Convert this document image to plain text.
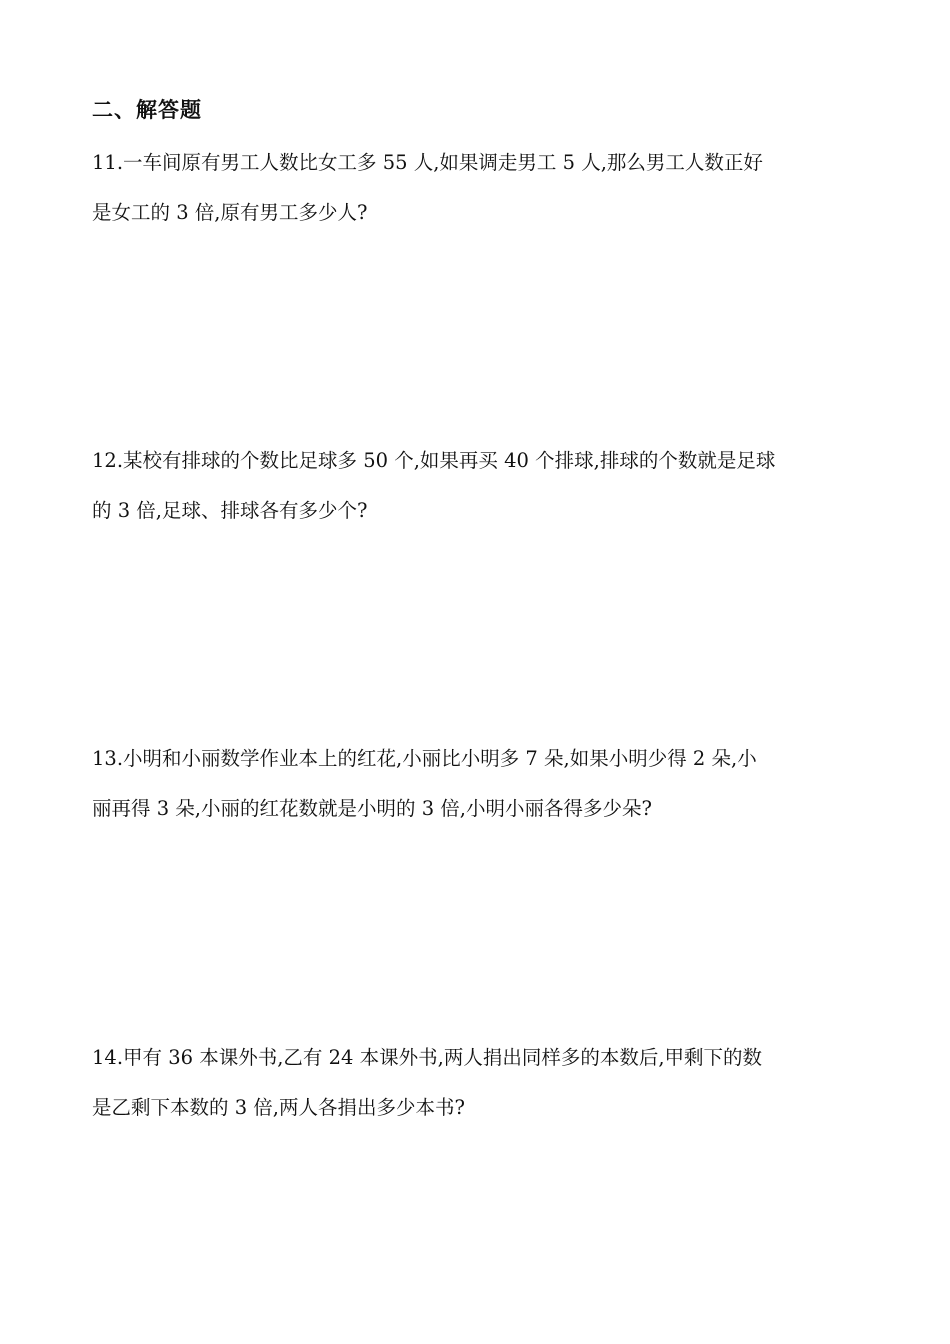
二、解答题
11.一车间原有男工人数比女工多 55 人,如果调走男工 5 人,那么男工人数正好
是女工的 3 倍,原有男工多少人?
12.某校有排球的个数比足球多 50 个,如果再买 40 个排球,排球的个数就是足球
的 3 倍,足球、排球各有多少个?
13.小明和小丽数学作业本上的红花,小丽比小明多 7 朵,如果小明少得 2 朵,小
丽再得 3 朵,小丽的红花数就是小明的 3 倍,小明小丽各得多少朵?
14.甲有 36 本课外书,乙有 24 本课外书,两人捐出同样多的本数后,甲剩下的数
是乙剩下本数的 3 倍,两人各捐出多少本书?
